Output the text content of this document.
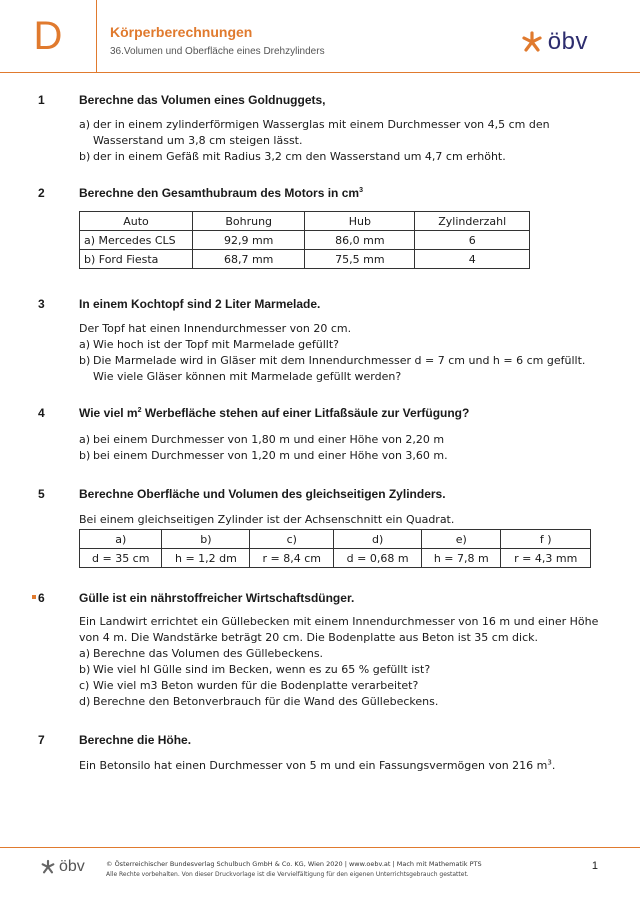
D	Körperberechnungen
36.Volumen und Oberfläche eines Drehzylinders	öbv
1	Berechne das Volumen eines Goldnuggets,
a) der in einem zylinderförmigen Wasserglas mit einem Durchmesser von 4,5 cm den Wasserstand um 3,8 cm steigen lässt.
b) der in einem Gefäß mit Radius 3,2 cm den Wasserstand um 4,7 cm erhöht.
2	Berechne den Gesamthubraum des Motors in $cm^3$
Auto	Bohrung	Hub	Zylinderzahl
a) Mercedes CLS	92,9 mm	86,0 mm	6
b) Ford Fiesta	68,7 mm	75,5 mm	4
3	In einem Kochtopf sind 2 Liter Marmelade.
Der Topf hat einen Innendurchmesser von 20 cm.
a) Wie hoch ist der Topf mit Marmelade gefüllt?
b) Die Marmelade wird in Gläser mit dem Innendurchmesser d = 7 cm und h = 6 cm gefüllt. Wie viele Gläser können mit Marmelade gefüllt werden?
4	Wie viel $m^2$ Werbefläche stehen auf einer Litfaßsäule zur Verfügung?
a) bei einem Durchmesser von 1,80 m und einer Höhe von 2,20 m
b) bei einem Durchmesser von 1,20 m und einer Höhe von 3,60 m.
5	Berechne Oberfläche und Volumen des gleichseitigen Zylinders.
Bei einem gleichseitigen Zylinder ist der Achsenschnitt ein Quadrat.
a)	b)	c)	d)	e)	f )
d = 35 cm	h = 1,2 dm	r = 8,4 cm	d = 0,68 m	h = 7,8 m	r = 4,3 mm
6	Gülle ist ein nährstoffreicher Wirtschaftsdünger.
Ein Landwirt errichtet ein Güllebecken mit einem Innendurchmesser von 16 m und einer Höhe von 4 m. Die Wandstärke beträgt 20 cm. Die Bodenplatte aus Beton ist 35 cm dick.
a) Berechne das Volumen des Güllebeckens.
b) Wie viel hl Gülle sind im Becken, wenn es zu 65 % gefüllt ist?
c) Wie viel m3 Beton wurden für die Bodenplatte verarbeitet?
d) Berechne den Betonverbrauch für die Wand des Güllebeckens.
7	Berechne die Höhe.
Ein Betonsilo hat einen Durchmesser von 5 m und ein Fassungsvermögen von 216 $m^3$.
öbv	© Österreichischer Bundesverlag Schulbuch GmbH & Co. KG, Wien 2020 | www.oebv.at | Mach mit Mathematik PTS
Alle Rechte vorbehalten. Von dieser Druckvorlage ist die Vervielfältigung für den eigenen Unterrichtsgebrauch gestattet.
1
